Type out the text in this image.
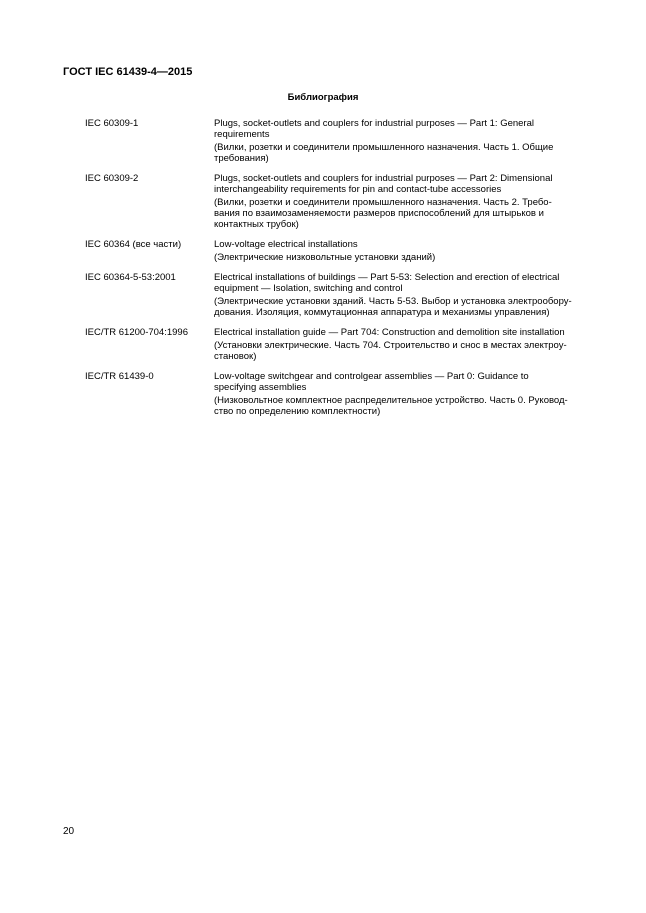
ГОСТ IEC 61439-4—2015
Библиография
IEC 60309-1	Plugs, socket-outlets and couplers for industrial purposes — Part 1: General
requirements
(Вилки, розетки и соединители промышленного назначения. Часть 1. Общие
требования)
IEC 60309-2	Plugs, socket-outlets and couplers for industrial purposes — Part 2: Dimensional
interchangeability requirements for pin and contact-tube accessories
(Вилки, розетки и соединители промышленного назначения. Часть 2. Требо-
вания по взаимозаменяемости размеров приспособлений для штырьков и
контактных трубок)
IEC 60364 (все части)	Low-voltage electrical installations
(Электрические низковольтные установки зданий)
IEC 60364-5-53:2001	Electrical installations of buildings — Part 5-53: Selection and erection of electrical
equipment — Isolation, switching and control
(Электрические установки зданий. Часть 5-53. Выбор и установка электрообору-
дования. Изоляция, коммутационная аппаратура и механизмы управления)
IEC/TR 61200-704:1996	Electrical installation guide — Part 704: Construction and demolition site installation
(Установки электрические. Часть 704. Строительство и снос в местах электроу-
становок)
IEC/TR 61439-0	Low-voltage switchgear and controlgear assemblies — Part 0: Guidance to
specifying assemblies
(Низковольтное комплектное распределительное устройство. Часть 0. Руковод-
ство по определению комплектности)
20
